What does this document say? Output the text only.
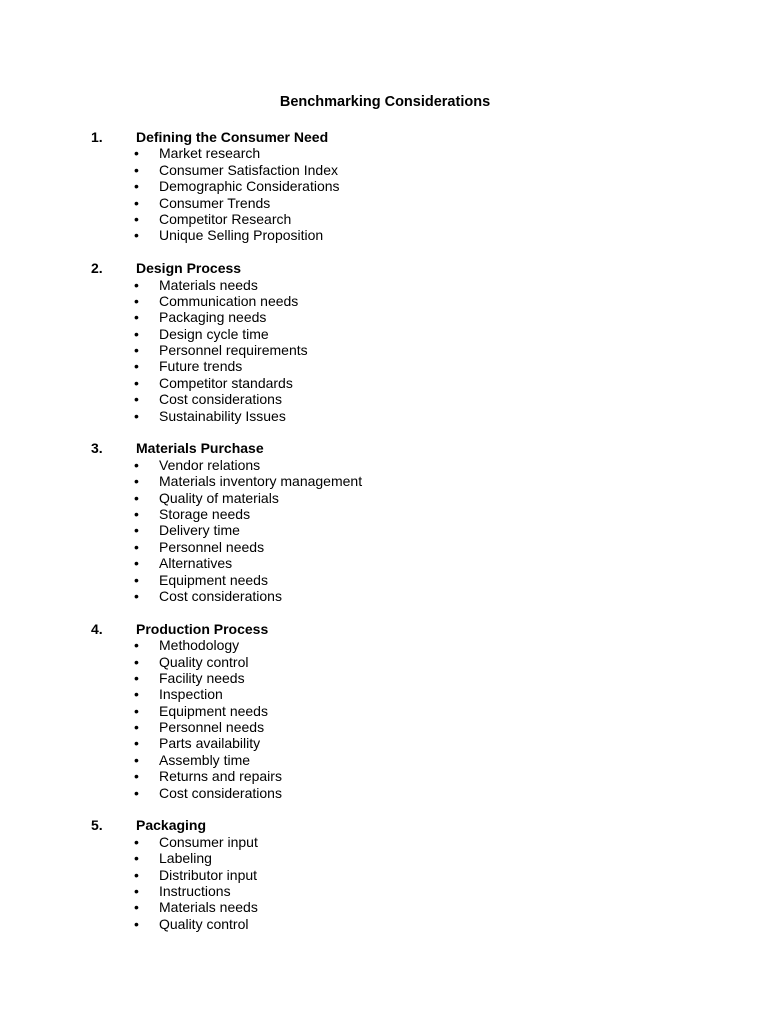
Benchmarking Considerations
1. Defining the Consumer Need
• Market research
• Consumer Satisfaction Index
• Demographic Considerations
• Consumer Trends
• Competitor Research
• Unique Selling Proposition
2. Design Process
• Materials needs
• Communication needs
• Packaging needs
• Design cycle time
• Personnel requirements
• Future trends
• Competitor standards
• Cost considerations
• Sustainability Issues
3. Materials Purchase
• Vendor relations
• Materials inventory management
• Quality of materials
• Storage needs
• Delivery time
• Personnel needs
• Alternatives
• Equipment needs
• Cost considerations
4. Production Process
• Methodology
• Quality control
• Facility needs
• Inspection
• Equipment needs
• Personnel needs
• Parts availability
• Assembly time
• Returns and repairs
• Cost considerations
5. Packaging
• Consumer input
• Labeling
• Distributor input
• Instructions
• Materials needs
• Quality control
